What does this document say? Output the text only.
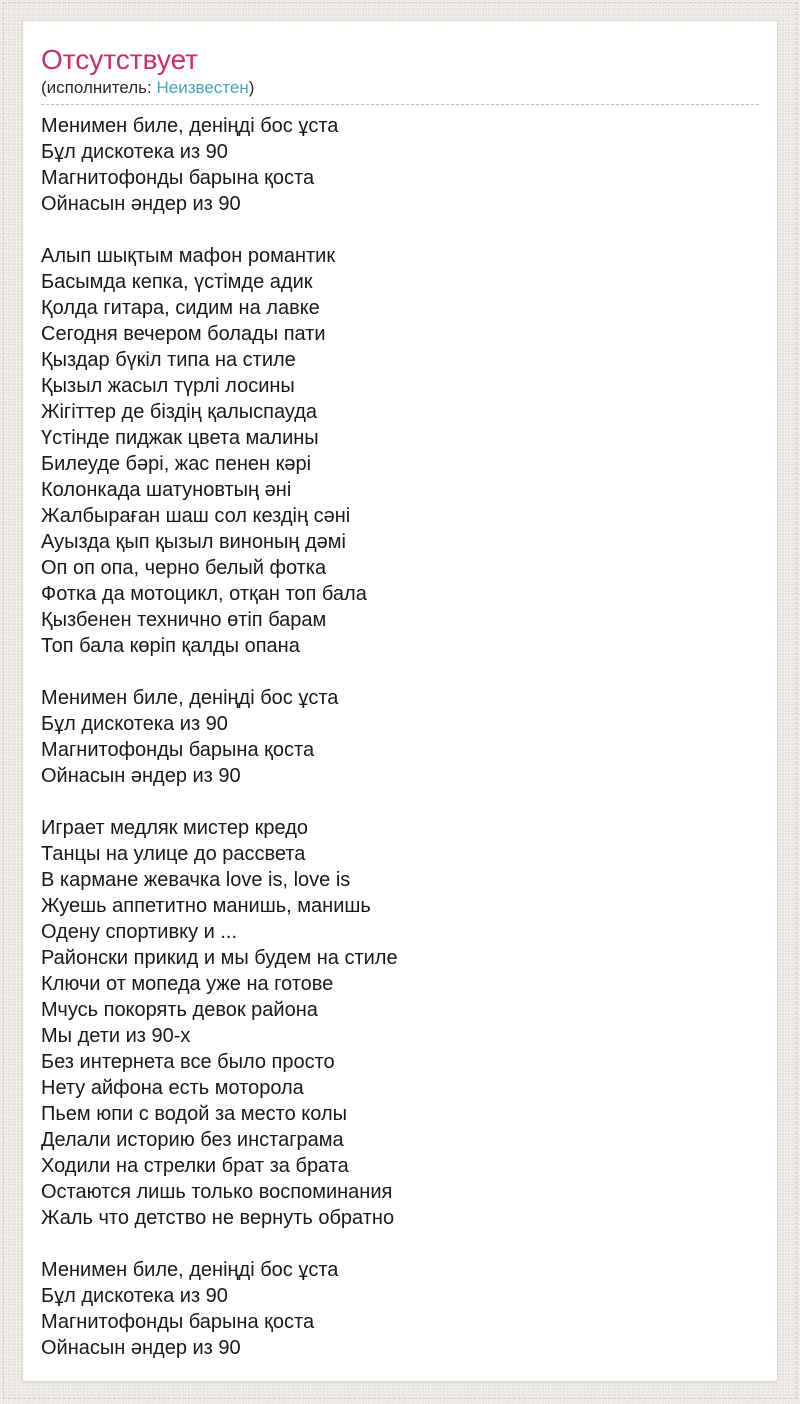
Отсутствует
(исполнитель: Неизвестен)
Менимен биле, деніңді бос ұста
Бұл дискотека из 90
Магнитофонды барына қоста
Ойнасын әндер из 90
Алып шықтым мафон романтик
Басымда кепка, үстімде адик
Қолда гитара, сидим на лавке
Сегодня вечером болады пати
Қыздар бүкіл типа на стиле
Қызыл жасыл түрлі лосины
Жігіттер де біздің қалыспауда
Үстінде пиджак цвета малины
Билеуде бәрі, жас пенен кәрі
Колонкада шатуновтың әні
Жалбыраған шаш сол кездің сәні
Ауызда қып қызыл виноның дәмі
Оп оп опа, черно белый фотка
Фотка да мотоцикл, отқан топ бала
Қызбенен технично өтіп барам
Топ бала көріп қалды опана
Менимен биле, деніңді бос ұста
Бұл дискотека из 90
Магнитофонды барына қоста
Ойнасын әндер из 90
Играет медляк мистер кредо
Танцы на улице до рассвета
В кармане жевачка love is, love is
Жуешь аппетитно манишь, манишь
Одену спортивку и ...
Районски прикид и мы будем на стиле
Ключи от мопеда уже на готове
Мчусь покорять девок района
Мы дети из 90-х
Без интернета все было просто
Нету айфона есть моторола
Пьем юпи с водой за место колы
Делали историю без инстаграма
Ходили на стрелки брат за брата
Остаются лишь только воспоминания
Жаль что детство не вернуть обратно
Менимен биле, деніңді бос ұста
Бұл дискотека из 90
Магнитофонды барына қоста
Ойнасын әндер из 90
